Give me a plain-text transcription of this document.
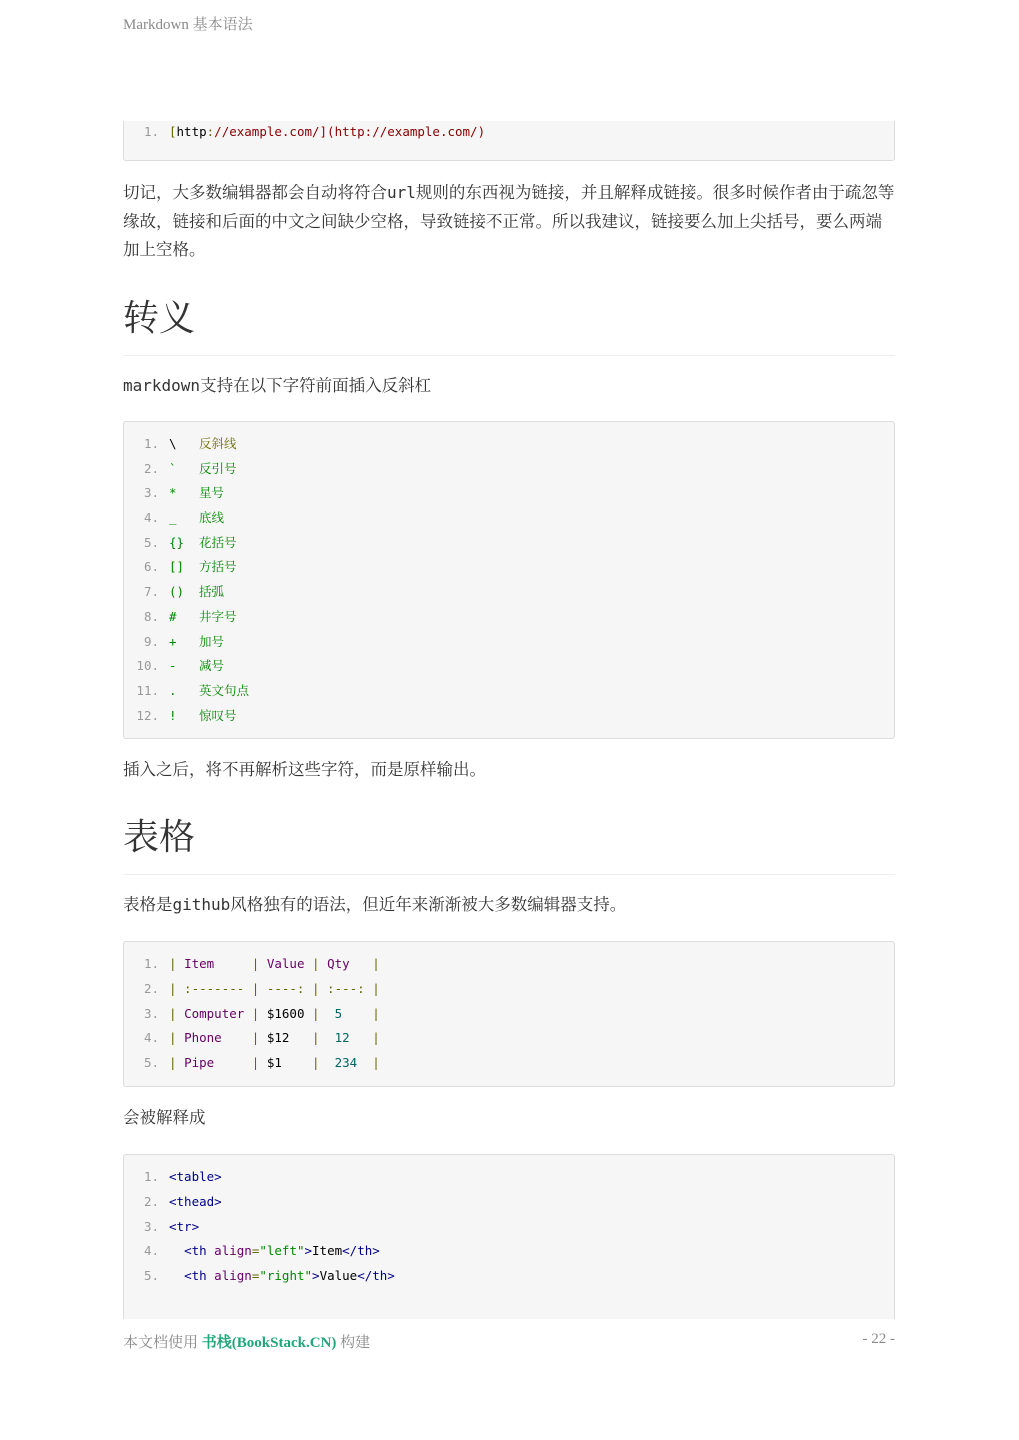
Markdown 基本语法
1. [http://example.com/](http://example.com/)

切记，大多数编辑器都会自动将符合url规则的东西视为链接，并且解释成链接。很多时候作者由于疏忽等缘故，链接和后面的中文之间缺少空格，导致链接不正常。所以我建议，链接要么加上尖括号，要么两端加上空格。

转义

markdown支持在以下字符前面插入反斜杠

1. \	反斜线
2. `	反引号
3. *	星号
4. _	底线
5. {}	花括号
6. []	方括号
7. ()	括弧
8. #	井字号
9. +	加号
10. -	减号
11. .	英文句点
12. !	惊叹号

插入之后，将不再解析这些字符，而是原样输出。

表格

表格是github风格独有的语法，但近年来渐渐被大多数编辑器支持。

1. | Item     | Value | Qty   |
2. | :------- | ----: | :---: |
3. | Computer | $1600 |  5    |
4. | Phone    | $12   |  12   |
5. | Pipe     | $1    |  234  |

会被解释成

1. <table>
2. <thead>
3. <tr>
4.	<th align="left">Item</th>
5.	<th align="right">Value</th>
本文档使用 书栈(BookStack.CN) 构建	- 22 -
